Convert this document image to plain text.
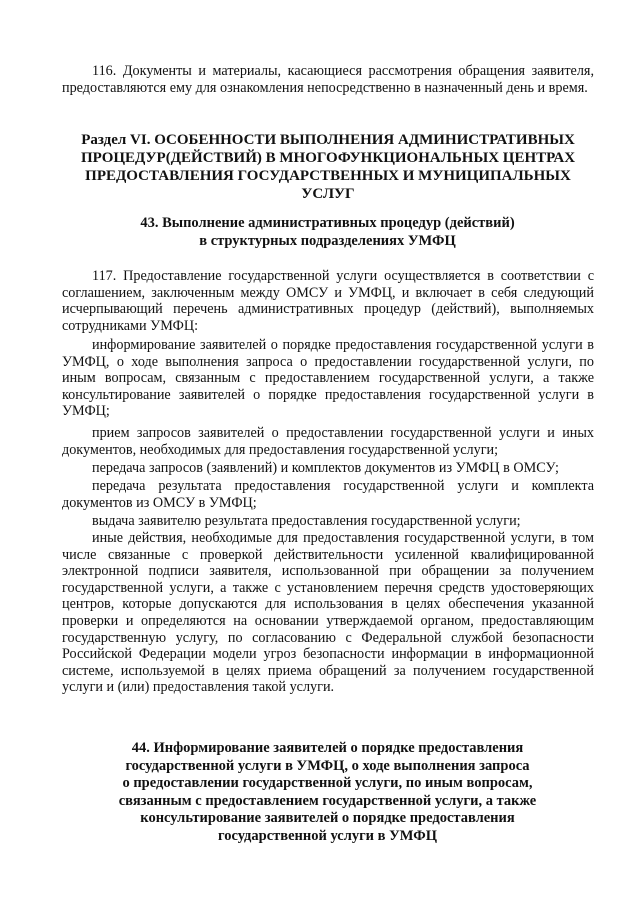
116. Документы и материалы, касающиеся рассмотрения обращения заявителя, предоставляются ему для ознакомления непосредственно в назначенный день и время.

Раздел VI. ОСОБЕННОСТИ ВЫПОЛНЕНИЯ АДМИНИСТРАТИВНЫХ
ПРОЦЕДУР(ДЕЙСТВИЙ) В МНОГОФУНКЦИОНАЛЬНЫХ ЦЕНТРАХ
ПРЕДОСТАВЛЕНИЯ ГОСУДАРСТВЕННЫХ И МУНИЦИПАЛЬНЫХ
УСЛУГ
43. Выполнение административных процедур (действий)
в структурных подразделениях УМФЦ

117. Предоставление государственной услуги осуществляется в соответствии с соглашением, заключенным между ОМСУ и УМФЦ, и включает в себя следующий исчерпывающий перечень административных процедур (действий), выполняемых сотрудниками УМФЦ:

информирование заявителей о порядке предоставления государственной услуги в УМФЦ, о ходе выполнения запроса о предоставлении государственной услуги, по иным вопросам, связанным с предоставлением государственной услуги, а также консультирование заявителей о порядке предоставления государственной услуги в УМФЦ;

прием запросов заявителей о предоставлении государственной услуги и иных документов, необходимых для предоставления государственной услуги;

передача запросов (заявлений) и комплектов документов из УМФЦ в ОМСУ;

передача результата предоставления государственной услуги и комплекта документов из ОМСУ в УМФЦ;

выдача заявителю результата предоставления государственной услуги;

иные действия, необходимые для предоставления государственной услуги, в том числе связанные с проверкой действительности усиленной квалифицированной электронной подписи заявителя, использованной при обращении за получением государственной услуги, а также с установлением перечня средств удостоверяющих центров, которые допускаются для использования в целях обеспечения указанной проверки и определяются на основании утверждаемой органом, предоставляющим государственную услугу, по согласованию с Федеральной службой безопасности Российской Федерации модели угроз безопасности информации в информационной системе, используемой в целях приема обращений за получением государственной услуги и (или) предоставления такой услуги.

44. Информирование заявителей о порядке предоставления
государственной услуги в УМФЦ, о ходе выполнения запроса
о предоставлении государственной услуги, по иным вопросам,
связанным с предоставлением государственной услуги, а также
консультирование заявителей о порядке предоставления
государственной услуги в УМФЦ
